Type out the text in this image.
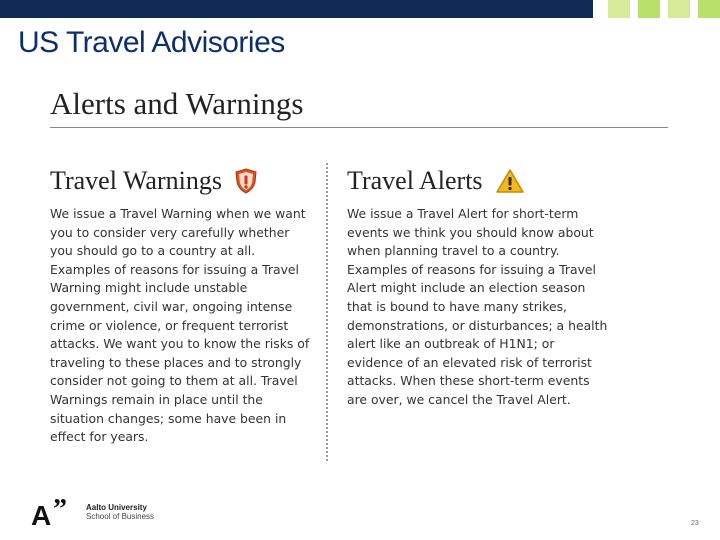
US Travel Advisories
Alerts and Warnings
Travel Warnings
We issue a Travel Warning when we want
you to consider very carefully whether
you should go to a country at all.
Examples of reasons for issuing a Travel
Warning might include unstable
government, civil war, ongoing intense
crime or violence, or frequent terrorist
attacks. We want you to know the risks of
traveling to these places and to strongly
consider not going to them at all. Travel
Warnings remain in place until the
situation changes; some have been in
effect for years.
Travel Alerts
We issue a Travel Alert for short-term
events we think you should know about
when planning travel to a country.
Examples of reasons for issuing a Travel
Alert might include an election season
that is bound to have many strikes,
demonstrations, or disturbances; a health
alert like an outbreak of H1N1; or
evidence of an elevated risk of terrorist
attacks. When these short-term events
are over, we cancel the Travel Alert.
A ” Aalto University
School of Business
23
